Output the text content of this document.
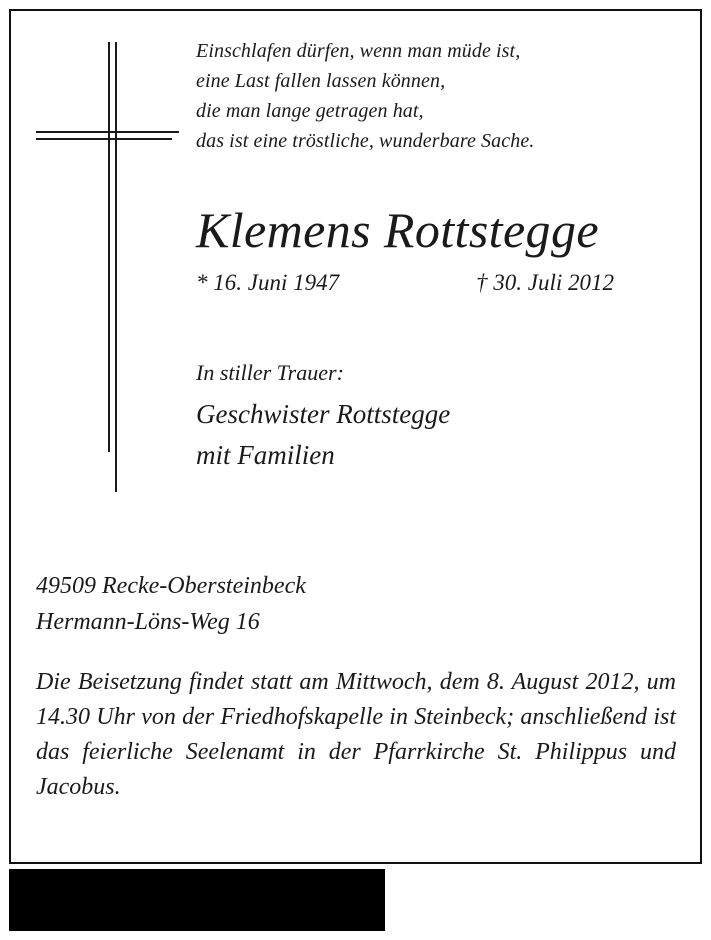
Einschlafen dürfen, wenn man müde ist,
eine Last fallen lassen können,
die man lange getragen hat,
das ist eine tröstliche, wunderbare Sache.
Klemens Rottstegge
* 16. Juni 1947	† 30. Juli 2012
In stiller Trauer:
Geschwister Rottstegge
mit Familien
49509 Recke-Obersteinbeck
Hermann-Löns-Weg 16

Die Beisetzung findet statt am Mittwoch, dem 8. August 2012, um 14.30 Uhr von der Friedhofskapelle in Steinbeck; anschließend ist das feierliche Seelenamt in der Pfarrkirche St. Philippus und Jacobus.
